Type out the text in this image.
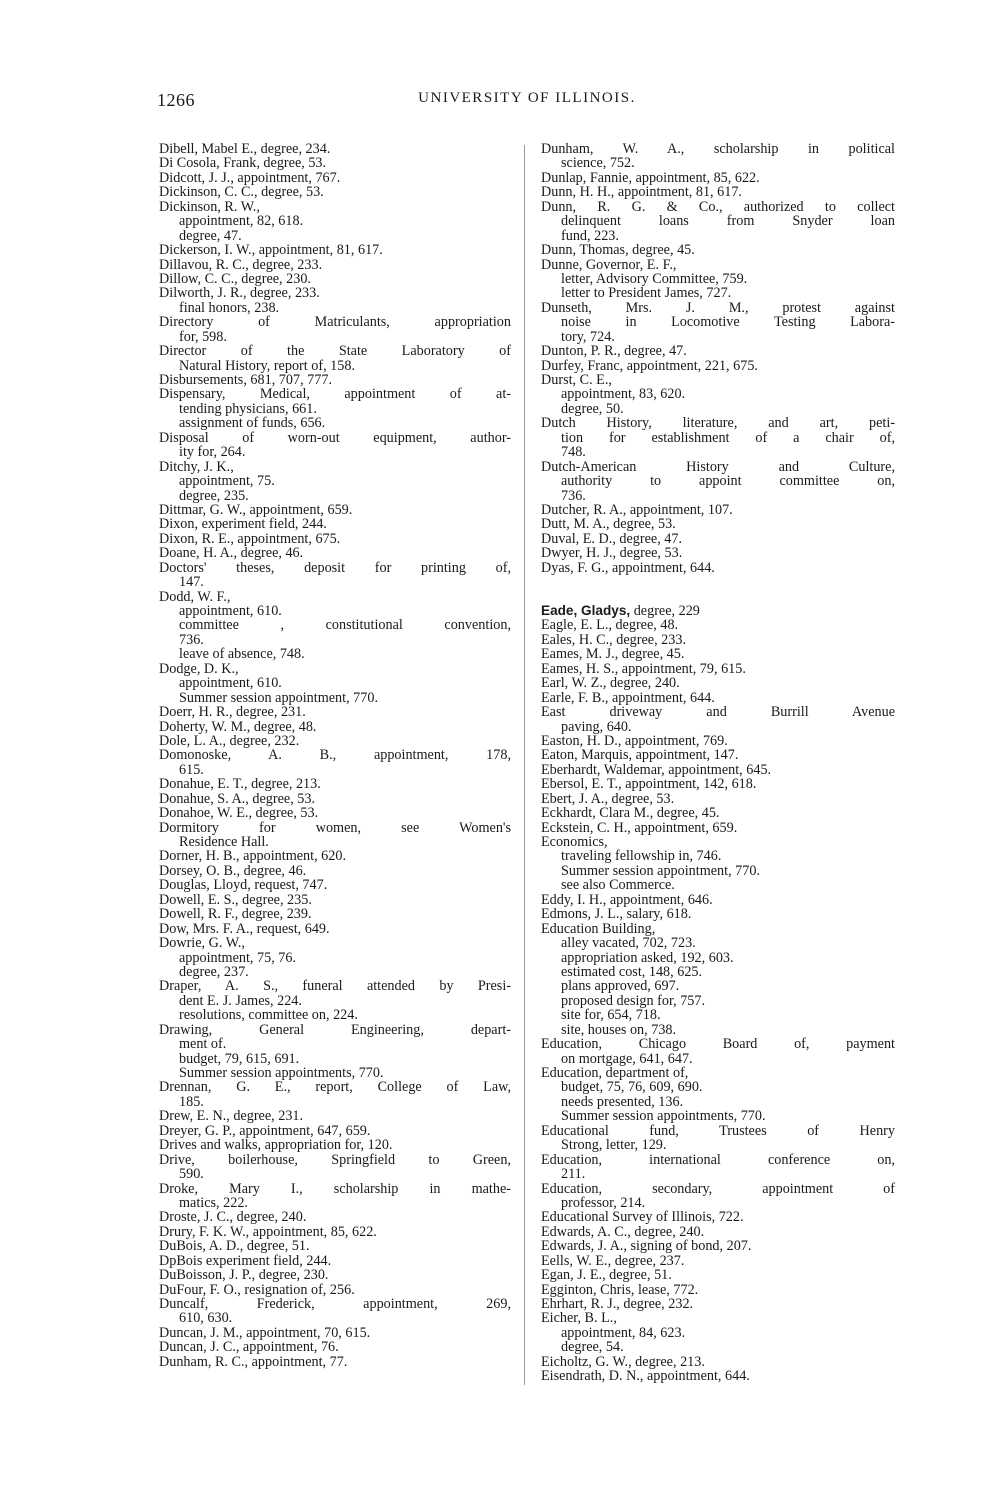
1266	UNIVERSITY OF ILLINOIS.
Dibell, Mabel E., degree, 234.
Di Cosola, Frank, degree, 53.
Didcott, J. J., appointment, 767.
Dickinson, C. C., degree, 53.
Dickinson, R. W.,
appointment, 82, 618.
degree, 47.
Dickerson, I. W., appointment, 81, 617.
Dillavou, R. C., degree, 233.
Dillow, C. C., degree, 230.
Dilworth, J. R., degree, 233.
final honors, 238.
Directory of Matriculants, appropriation
for, 598.
Director of the State Laboratory of
Natural History, report of, 158.
Disbursements, 681, 707, 777.
Dispensary, Medical, appointment of at-
tending physicians, 661.
assignment of funds, 656.
Disposal of worn-out equipment, author-
ity for, 264.
Ditchy, J. K.,
appointment, 75.
degree, 235.
Dittmar, G. W., appointment, 659.
Dixon, experiment field, 244.
Dixon, R. E., appointment, 675.
Doane, H. A., degree, 46.
Doctors' theses, deposit for printing of,
147.
Dodd, W. F.,
appointment, 610.
committee , constitutional convention,
736.
leave of absence, 748.
Dodge, D. K.,
appointment, 610.
Summer session appointment, 770.
Doerr, H. R., degree, 231.
Doherty, W. M., degree, 48.
Dole, L. A., degree, 232.
Domonoske, A. B., appointment, 178,
615.
Donahue, E. T., degree, 213.
Donahue, S. A., degree, 53.
Donahoe, W. E., degree, 53.
Dormitory for women, see Women's
Residence Hall.
Dorner, H. B., appointment, 620.
Dorsey, O. B., degree, 46.
Douglas, Lloyd, request, 747.
Dowell, E. S., degree, 235.
Dowell, R. F., degree, 239.
Dow, Mrs. F. A., request, 649.
Dowrie, G. W.,
appointment, 75, 76.
degree, 237.
Draper, A. S., funeral attended by Presi-
dent E. J. James, 224.
resolutions, committee on, 224.
Drawing, General Engineering, depart-
ment of.
budget, 79, 615, 691.
Summer session appointments, 770.
Drennan, G. E., report, College of Law,
185.
Drew, E. N., degree, 231.
Dreyer, G. P., appointment, 647, 659.
Drives and walks, appropriation for, 120.
Drive, boilerhouse, Springfield to Green,
590.
Droke, Mary I., scholarship in mathe-
matics, 222.
Droste, J. C., degree, 240.
Drury, F. K. W., appointment, 85, 622.
DuBois, A. D., degree, 51.
DpBois experiment field, 244.
DuBoisson, J. P., degree, 230.
DuFour, F. O., resignation of, 256.
Duncalf, Frederick, appointment, 269,
610, 630.
Duncan, J. M., appointment, 70, 615.
Duncan, J. C., appointment, 76.
Dunham, R. C., appointment, 77.
Dunham, W. A., scholarship in political
science, 752.
Dunlap, Fannie, appointment, 85, 622.
Dunn, H. H., appointment, 81, 617.
Dunn, R. G. & Co., authorized to collect
delinquent loans from Snyder loan
fund, 223.
Dunn, Thomas, degree, 45.
Dunne, Governor, E. F.,
letter, Advisory Committee, 759.
letter to President James, 727.
Dunseth, Mrs. J. M., protest against
noise in Locomotive Testing Labora-
tory, 724.
Dunton, P. R., degree, 47.
Durfey, Franc, appointment, 221, 675.
Durst, C. E.,
appointment, 83, 620.
degree, 50.
Dutch History, literature, and art, peti-
tion for establishment of a chair of,
748.
Dutch-American History and Culture,
authority to appoint committee on,
736.
Dutcher, R. A., appointment, 107.
Dutt, M. A., degree, 53.
Duval, E. D., degree, 47.
Dwyer, H. J., degree, 53.
Dyas, F. G., appointment, 644.
Eade, Gladys, degree, 229
Eagle, E. L., degree, 48.
Eales, H. C., degree, 233.
Eames, M. J., degree, 45.
Eames, H. S., appointment, 79, 615.
Earl, W. Z., degree, 240.
Earle, F. B., appointment, 644.
East driveway and Burrill Avenue
paving, 640.
Easton, H. D., appointment, 769.
Eaton, Marquis, appointment, 147.
Eberhardt, Waldemar, appointment, 645.
Ebersol, E. T., appointment, 142, 618.
Ebert, J. A., degree, 53.
Eckhardt, Clara M., degree, 45.
Eckstein, C. H., appointment, 659.
Economics,
traveling fellowship in, 746.
Summer session appointment, 770.
see also Commerce.
Eddy, I. H., appointment, 646.
Edmons, J. L., salary, 618.
Education Building,
alley vacated, 702, 723.
appropriation asked, 192, 603.
estimated cost, 148, 625.
plans approved, 697.
proposed design for, 757.
site for, 654, 718.
site, houses on, 738.
Education, Chicago Board of, payment
on mortgage, 641, 647.
Education, department of,
budget, 75, 76, 609, 690.
needs presented, 136.
Summer session appointments, 770.
Educational fund, Trustees of Henry
Strong, letter, 129.
Education, international conference on,
211.
Education, secondary, appointment of
professor, 214.
Educational Survey of Illinois, 722.
Edwards, A. C., degree, 240.
Edwards, J. A., signing of bond, 207.
Eells, W. E., degree, 237.
Egan, J. E., degree, 51.
Egginton, Chris, lease, 772.
Ehrhart, R. J., degree, 232.
Eicher, B. L.,
appointment, 84, 623.
degree, 54.
Eicholtz, G. W., degree, 213.
Eisendrath, D. N., appointment, 644.
